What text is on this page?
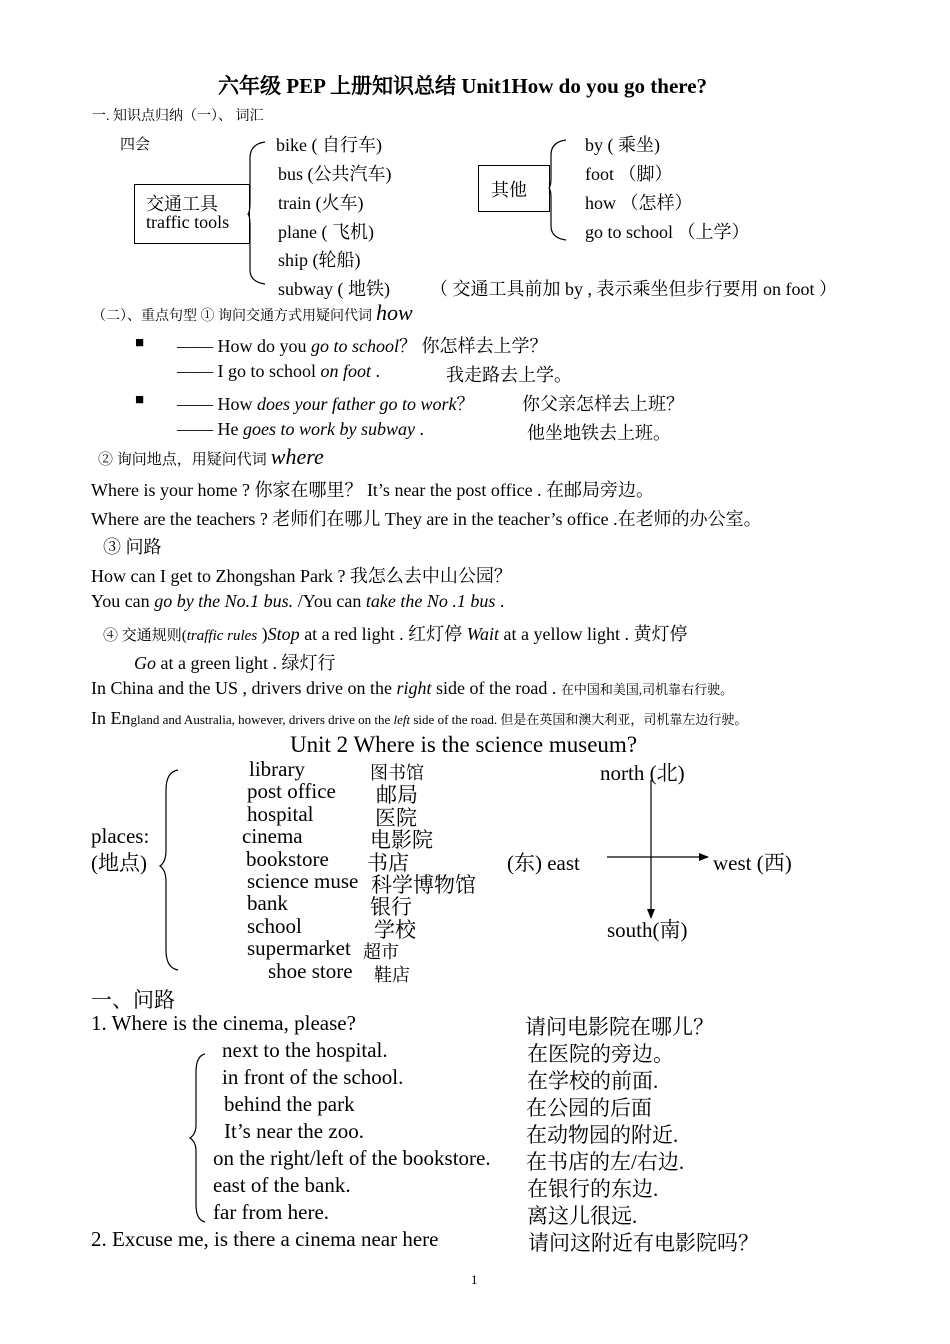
六年级 PEP 上册知识总结 Unit1How do you go there?
一. 知识点归纳（一）、 词汇
四会
交通工具
traffic tools
bike ( 自行车)
bus (公共汽车)
train (火车)
plane ( 飞机)
ship (轮船)
subway ( 地铁) （ 交通工具前加 by , 表示乘坐但步行要用 on foot ）
其他
by ( 乘坐)
foot （脚）
how （怎样）
go to school （上学）
（二）、重点句型 ① 询问交通方式用疑问代词 how
■ —— How do you go to school？ 你怎样去上学？
—— I go to school on foot .	我走路去上学。
■ —— How does your father go to work？	你父亲怎样去上班？
—— He goes to work by subway .	他坐地铁去上班。
② 询问地点，用疑问代词 where
Where is your home ? 你家在哪里？ It’s near the post office . 在邮局旁边。
Where are the teachers ? 老师们在哪儿 They are in the teacher’s office .在老师的办公室。
③ 问路
How can I get to Zhongshan Park ? 我怎么去中山公园？
You can go by the No.1 bus. /You can take the No .1 bus .
④ 交通规则(traffic rules )Stop at a red light . 红灯停 Wait at a yellow light . 黄灯停
Go at a green light . 绿灯行
In China and the US , drivers drive on the right side of the road . 在中国和美国,司机靠右行驶。
In England and Australia, however, drivers drive on the left side of the road. 但是在英国和澳大利亚，司机靠左边行驶。
Unit 2 Where is the science museum?
places:
(地点)
library	图书馆
post office 邮局
hospital	医院
cinema	电影院
bookstore 书店
science muse 科学博物馆
bank	银行
school	学校
supermarket 超市
shoe store 鞋店
north (北)
(东) east	west (西)
south(南)
一、问路
1. Where is the cinema, please?	请问电影院在哪儿？
next to the hospital.	在医院的旁边。
in front of the school.	在学校的前面.
behind the park	在公园的后面
It’s near the zoo.	在动物园的附近.
on the right/left of the bookstore. 在书店的左/右边.
east of the bank.	在银行的东边.
far from here.	离这儿很远.
2. Excuse me, is there a cinema near here	请问这附近有电影院吗？
1
